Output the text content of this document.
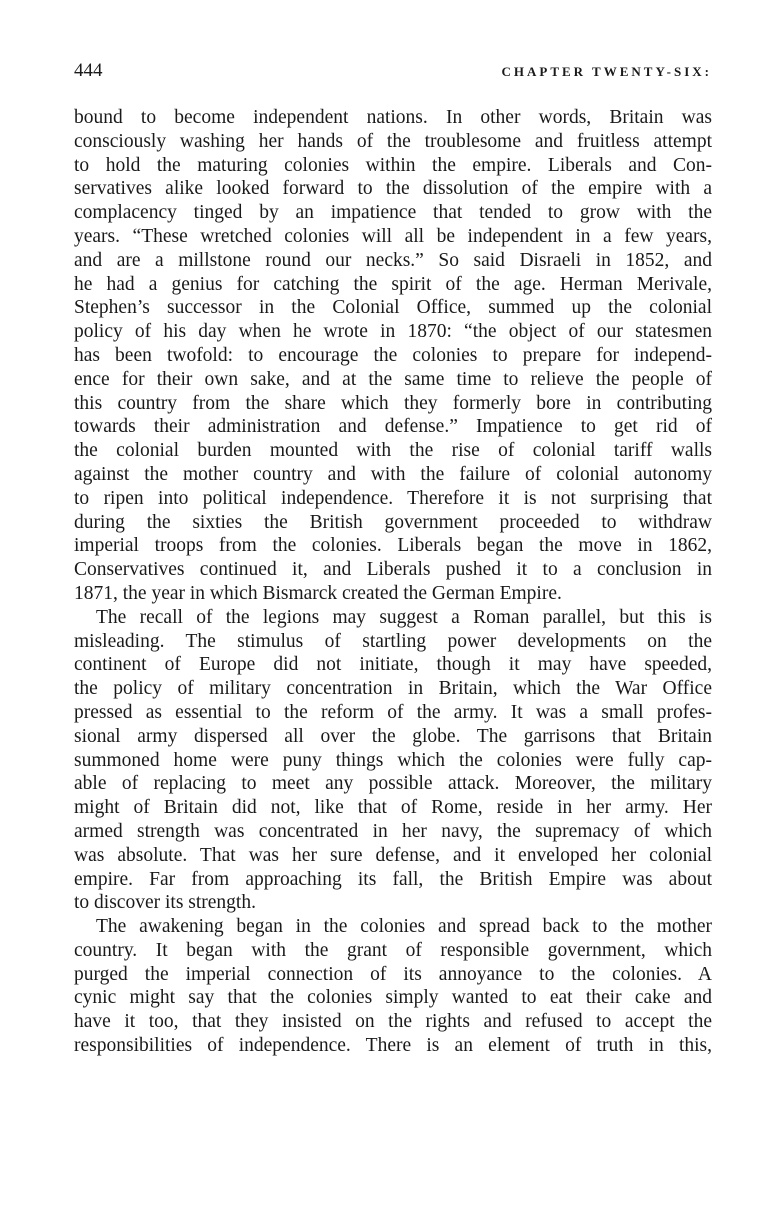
444	CHAPTER TWENTY-SIX:
bound to become independent nations. In other words, Britain was
consciously washing her hands of the troublesome and fruitless attempt
to hold the maturing colonies within the empire. Liberals and Con-
servatives alike looked forward to the dissolution of the empire with a
complacency tinged by an impatience that tended to grow with the
years. “These wretched colonies will all be independent in a few years,
and are a millstone round our necks.” So said Disraeli in 1852, and
he had a genius for catching the spirit of the age. Herman Merivale,
Stephen’s successor in the Colonial Office, summed up the colonial
policy of his day when he wrote in 1870: “the object of our statesmen
has been twofold: to encourage the colonies to prepare for independ-
ence for their own sake, and at the same time to relieve the people of
this country from the share which they formerly bore in contributing
towards their administration and defense.” Impatience to get rid of
the colonial burden mounted with the rise of colonial tariff walls
against the mother country and with the failure of colonial autonomy
to ripen into political independence. Therefore it is not surprising that
during the sixties the British government proceeded to withdraw
imperial troops from the colonies. Liberals began the move in 1862,
Conservatives continued it, and Liberals pushed it to a conclusion in
1871, the year in which Bismarck created the German Empire.
The recall of the legions may suggest a Roman parallel, but this is
misleading. The stimulus of startling power developments on the
continent of Europe did not initiate, though it may have speeded,
the policy of military concentration in Britain, which the War Office
pressed as essential to the reform of the army. It was a small profes-
sional army dispersed all over the globe. The garrisons that Britain
summoned home were puny things which the colonies were fully cap-
able of replacing to meet any possible attack. Moreover, the military
might of Britain did not, like that of Rome, reside in her army. Her
armed strength was concentrated in her navy, the supremacy of which
was absolute. That was her sure defense, and it enveloped her colonial
empire. Far from approaching its fall, the British Empire was about
to discover its strength.
The awakening began in the colonies and spread back to the mother
country. It began with the grant of responsible government, which
purged the imperial connection of its annoyance to the colonies. A
cynic might say that the colonies simply wanted to eat their cake and
have it too, that they insisted on the rights and refused to accept the
responsibilities of independence. There is an element of truth in this,
